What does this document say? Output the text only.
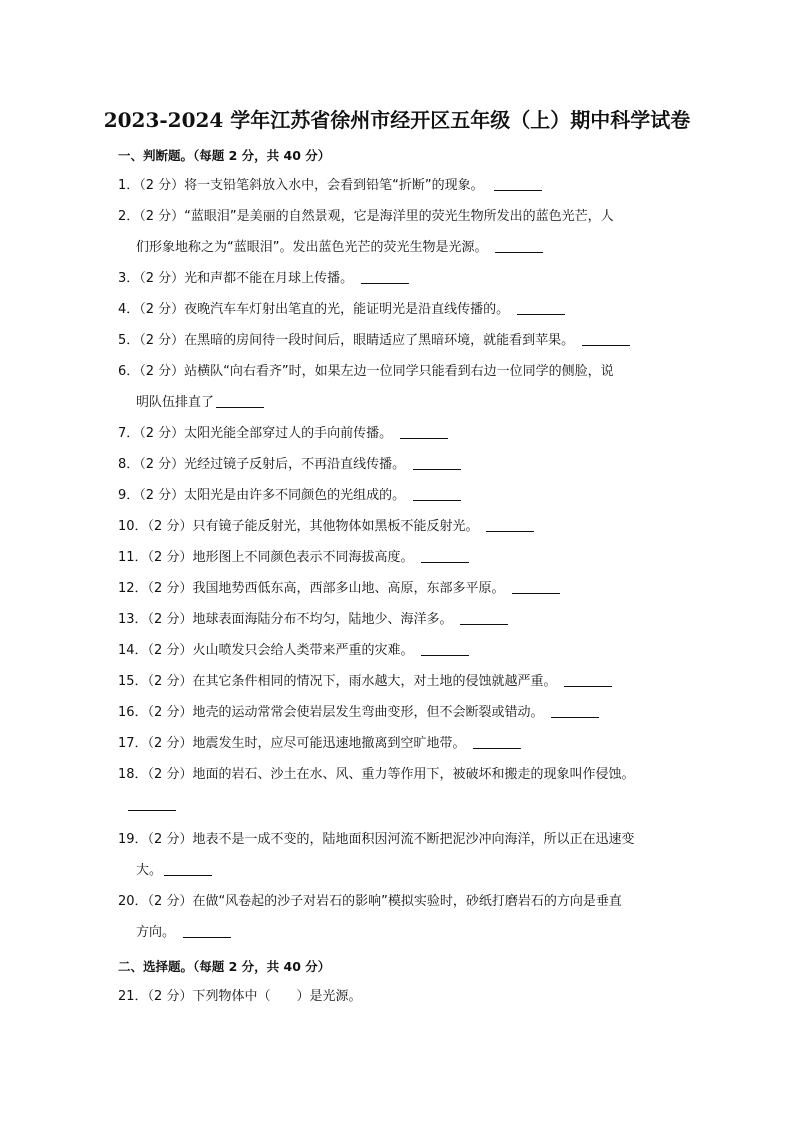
2023-2024 学年江苏省徐州市经开区五年级（上）期中科学试卷
一、判断题。（每题 2 分，共 40 分）
1．（2 分）将一支铅笔斜放入水中，会看到铅笔“折断”的现象。
2．（2 分）“蓝眼泪”是美丽的自然景观，它是海洋里的荧光生物所发出的蓝色光芒，人
们形象地称之为“蓝眼泪”。发出蓝色光芒的荧光生物是光源。
3．（2 分）光和声都不能在月球上传播。
4．（2 分）夜晚汽车车灯射出笔直的光，能证明光是沿直线传播的。
5．（2 分）在黑暗的房间待一段时间后，眼睛适应了黑暗环境，就能看到苹果。
6．（2 分）站横队“向右看齐”时，如果左边一位同学只能看到右边一位同学的侧脸，说
明队伍排直了
7．（2 分）太阳光能全部穿过人的手向前传播。
8．（2 分）光经过镜子反射后，不再沿直线传播。
9．（2 分）太阳光是由许多不同颜色的光组成的。
10．（2 分）只有镜子能反射光，其他物体如黑板不能反射光。
11．（2 分）地形图上不同颜色表示不同海拔高度。
12．（2 分）我国地势西低东高，西部多山地、高原，东部多平原。
13．（2 分）地球表面海陆分布不均匀，陆地少、海洋多。
14．（2 分）火山喷发只会给人类带来严重的灾难。
15．（2 分）在其它条件相同的情况下，雨水越大，对土地的侵蚀就越严重。
16．（2 分）地壳的运动常常会使岩层发生弯曲变形，但不会断裂或错动。
17．（2 分）地震发生时，应尽可能迅速地撤离到空旷地带。
18．（2 分）地面的岩石、沙土在水、风、重力等作用下，被破坏和搬走的现象叫作侵蚀。
19．（2 分）地表不是一成不变的，陆地面积因河流不断把泥沙冲向海洋，所以正在迅速变
大。
20．（2 分）在做“风卷起的沙子对岩石的影响”模拟实验时，砂纸打磨岩石的方向是垂直
方向。
二、选择题。（每题 2 分，共 40 分）
21．（2 分）下列物体中（　　）是光源。
